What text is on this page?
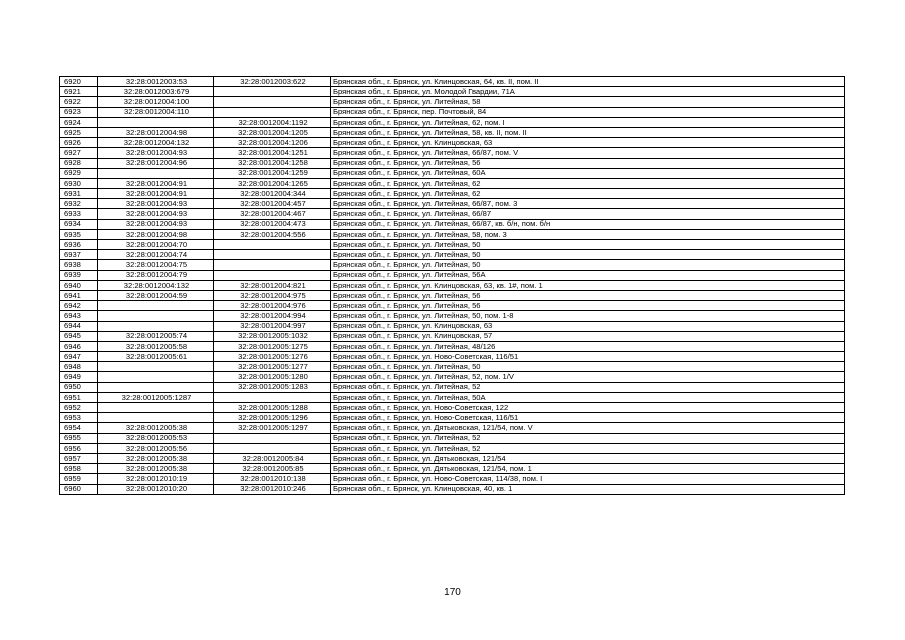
6920	32:28:0012003:53	32:28:0012003:622	Брянская обл., г. Брянск, ул. Клинцовская, 64, кв. II, пом. II
6921	32:28:0012003:679		Брянская обл., г. Брянск, ул. Молодой Гвардии, 71А
6922	32:28:0012004:100		Брянская обл., г. Брянск, ул. Литейная, 58
6923	32:28:0012004:110		Брянская обл., г. Брянск, пер. Почтовый, 84
6924		32:28:0012004:1192	Брянская обл., г. Брянск, ул. Литейная, 62, пом. I
6925	32:28:0012004:98	32:28:0012004:1205	Брянская обл., г. Брянск, ул. Литейная, 58, кв. II, пом. II
6926	32:28:0012004:132	32:28:0012004:1206	Брянская обл., г. Брянск, ул. Клинцовская, 63
6927	32:28:0012004:93	32:28:0012004:1251	Брянская обл., г. Брянск, ул. Литейная, 66/87, пом. V
6928	32:28:0012004:96	32:28:0012004:1258	Брянская обл., г. Брянск, ул. Литейная, 56
6929		32:28:0012004:1259	Брянская обл., г. Брянск, ул. Литейная, 60А
6930	32:28:0012004:91	32:28:0012004:1265	Брянская обл., г. Брянск, ул. Литейная, 62
6931	32:28:0012004:91	32:28:0012004:344	Брянская обл., г. Брянск, ул. Литейная, 62
6932	32:28:0012004:93	32:28:0012004:457	Брянская обл., г. Брянск, ул. Литейная, 66/87, пом. 3
6933	32:28:0012004:93	32:28:0012004:467	Брянская обл., г. Брянск, ул. Литейная, 66/87
6934	32:28:0012004:93	32:28:0012004:473	Брянская обл., г. Брянск, ул. Литейная, 66/87, кв. б/н, пом. б/н
6935	32:28:0012004:98	32:28:0012004:556	Брянская обл., г. Брянск, ул. Литейная, 58, пом. 3
6936	32:28:0012004:70		Брянская обл., г. Брянск, ул. Литейная, 50
6937	32:28:0012004:74		Брянская обл., г. Брянск, ул. Литейная, 50
6938	32:28:0012004:75		Брянская обл., г. Брянск, ул. Литейная, 50
6939	32:28:0012004:79		Брянская обл., г. Брянск, ул. Литейная, 56А
6940	32:28:0012004:132	32:28:0012004:821	Брянская обл., г. Брянск, ул. Клинцовская, 63, кв. 1#, пом. 1
6941	32:28:0012004:59	32:28:0012004:975	Брянская обл., г. Брянск, ул. Литейная, 56
6942		32:28:0012004:976	Брянская обл., г. Брянск, ул. Литейная, 56
6943		32:28:0012004:994	Брянская обл., г. Брянск, ул. Литейная, 50, пом. 1-8
6944		32:28:0012004:997	Брянская обл., г. Брянск, ул. Клинцовская, 63
6945	32:28:0012005:74	32:28:0012005:1032	Брянская обл., г. Брянск, ул. Клинцовская, 57
6946	32:28:0012005:58	32:28:0012005:1275	Брянская обл., г. Брянск, ул. Литейная, 48/126
6947	32:28:0012005:61	32:28:0012005:1276	Брянская обл., г. Брянск, ул. Ново-Советская, 116/51
6948		32:28:0012005:1277	Брянская обл., г. Брянск, ул. Литейная, 50
6949		32:28:0012005:1280	Брянская обл., г. Брянск, ул. Литейная, 52, пом. 1/V
6950		32:28:0012005:1283	Брянская обл., г. Брянск, ул. Литейная, 52
6951	32:28:0012005:1287		Брянская обл., г. Брянск, ул. Литейная, 50А
6952		32:28:0012005:1288	Брянская обл., г. Брянск, ул. Ново-Советская, 122
6953		32:28:0012005:1296	Брянская обл., г. Брянск, ул. Ново-Советская, 116/51
6954	32:28:0012005:38	32:28:0012005:1297	Брянская обл., г. Брянск, ул. Дятьковская, 121/54, пом. V
6955	32:28:0012005:53		Брянская обл., г. Брянск, ул. Литейная, 52
6956	32:28:0012005:56		Брянская обл., г. Брянск, ул. Литейная, 52
6957	32:28:0012005:38	32:28:0012005:84	Брянская обл., г. Брянск, ул. Дятьковская, 121/54
6958	32:28:0012005:38	32:28:0012005:85	Брянская обл., г. Брянск, ул. Дятьковская, 121/54, пом. 1
6959	32:28:0012010:19	32:28:0012010:138	Брянская обл., г. Брянск, ул. Ново-Советская, 114/38, пом. I
6960	32:28:0012010:20	32:28:0012010:246	Брянская обл., г. Брянск, ул. Клинцовская, 40, кв. 1
170
